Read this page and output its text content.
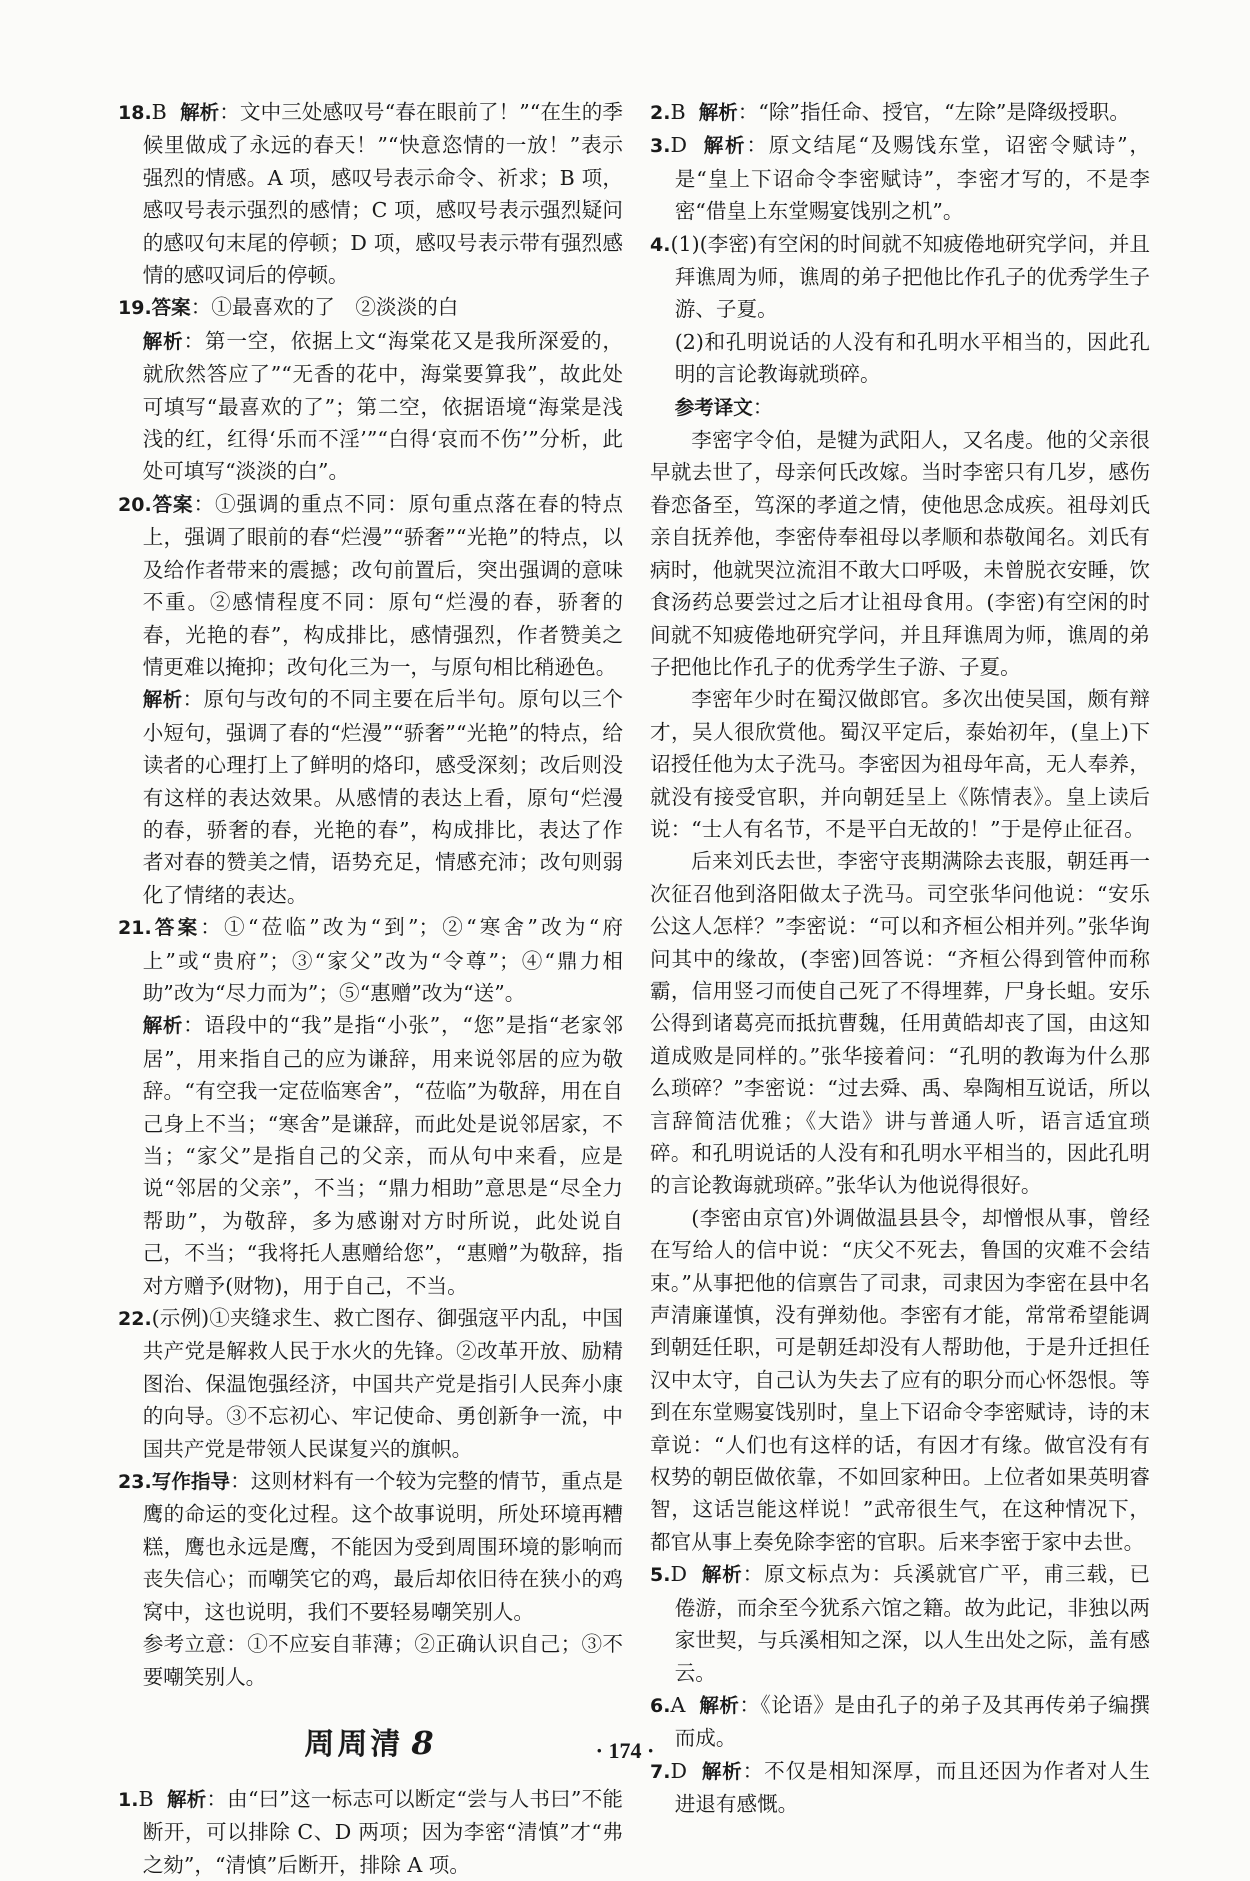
18.B 解析：文中三处感叹号“春在眼前了！”“在生的季候里做成了永远的春天！”“快意恣情的一放！”表示强烈的情感。A 项，感叹号表示命令、祈求；B 项，感叹号表示强烈的感情；C 项，感叹号表示强烈疑问的感叹句末尾的停顿；D 项，感叹号表示带有强烈感情的感叹词后的停顿。

19.答案：①最喜欢的了　②淡淡的白

解析：第一空，依据上文“海棠花又是我所深爱的，就欣然答应了”“无香的花中，海棠要算我”，故此处可填写“最喜欢的了”；第二空，依据语境“海棠是浅浅的红，红得‘乐而不淫’”“白得‘哀而不伤’”分析，此处可填写“淡淡的白”。

20.答案：①强调的重点不同：原句重点落在春的特点上，强调了眼前的春“烂漫”“骄奢”“光艳”的特点，以及给作者带来的震撼；改句前置后，突出强调的意味不重。②感情程度不同：原句“烂漫的春，骄奢的春，光艳的春”，构成排比，感情强烈，作者赞美之情更难以掩抑；改句化三为一，与原句相比稍逊色。

解析：原句与改句的不同主要在后半句。原句以三个小短句，强调了春的“烂漫”“骄奢”“光艳”的特点，给读者的心理打上了鲜明的烙印，感受深刻；改后则没有这样的表达效果。从感情的表达上看，原句“烂漫的春，骄奢的春，光艳的春”，构成排比，表达了作者对春的赞美之情，语势充足，情感充沛；改句则弱化了情绪的表达。

21.答案：①“莅临”改为“到”；②“寒舍”改为“府上”或“贵府”；③“家父”改为“令尊”；④“鼎力相助”改为“尽力而为”；⑤“惠赠”改为“送”。

解析：语段中的“我”是指“小张”，“您”是指“老家邻居”，用来指自己的应为谦辞，用来说邻居的应为敬辞。“有空我一定莅临寒舍”，“莅临”为敬辞，用在自己身上不当；“寒舍”是谦辞，而此处是说邻居家，不当；“家父”是指自己的父亲，而从句中来看，应是说“邻居的父亲”，不当；“鼎力相助”意思是“尽全力帮助”，为敬辞，多为感谢对方时所说，此处说自己，不当；“我将托人惠赠给您”，“惠赠”为敬辞，指对方赠予(财物)，用于自己，不当。

22.(示例)①夹缝求生、救亡图存、御强寇平内乱，中国共产党是解救人民于水火的先锋。②改革开放、励精图治、保温饱强经济，中国共产党是指引人民奔小康的向导。③不忘初心、牢记使命、勇创新争一流，中国共产党是带领人民谋复兴的旗帜。

23.写作指导：这则材料有一个较为完整的情节，重点是鹰的命运的变化过程。这个故事说明，所处环境再糟糕，鹰也永远是鹰，不能因为受到周围环境的影响而丧失信心；而嘲笑它的鸡，最后却依旧待在狭小的鸡窝中，这也说明，我们不要轻易嘲笑别人。

参考立意：①不应妄自菲薄；②正确认识自己；③不要嘲笑别人。

周周清 8

1.B 解析：由“曰”这一标志可以断定“尝与人书曰”不能断开，可以排除 C、D 两项；因为李密“清慎”才“弗之劾”，“清慎”后断开，排除 A 项。

2.B 解析：“除”指任命、授官，“左除”是降级授职。

3.D 解析：原文结尾“及赐饯东堂，诏密令赋诗”，是“皇上下诏命令李密赋诗”，李密才写的，不是李密“借皇上东堂赐宴饯别之机”。

4.(1)(李密)有空闲的时间就不知疲倦地研究学问，并且拜谯周为师，谯周的弟子把他比作孔子的优秀学生子游、子夏。

(2)和孔明说话的人没有和孔明水平相当的，因此孔明的言论教诲就琐碎。

参考译文：

李密字令伯，是犍为武阳人，又名虔。他的父亲很早就去世了，母亲何氏改嫁。当时李密只有几岁，感伤眷恋备至，笃深的孝道之情，使他思念成疾。祖母刘氏亲自抚养他，李密侍奉祖母以孝顺和恭敬闻名。刘氏有病时，他就哭泣流泪不敢大口呼吸，未曾脱衣安睡，饮食汤药总要尝过之后才让祖母食用。(李密)有空闲的时间就不知疲倦地研究学问，并且拜谯周为师，谯周的弟子把他比作孔子的优秀学生子游、子夏。

李密年少时在蜀汉做郎官。多次出使吴国，颇有辩才，吴人很欣赏他。蜀汉平定后，泰始初年，(皇上)下诏授任他为太子洗马。李密因为祖母年高，无人奉养，就没有接受官职，并向朝廷呈上《陈情表》。皇上读后说：“士人有名节，不是平白无故的！”于是停止征召。

后来刘氏去世，李密守丧期满除去丧服，朝廷再一次征召他到洛阳做太子洗马。司空张华问他说：“安乐公这人怎样？”李密说：“可以和齐桓公相并列。”张华询问其中的缘故，(李密)回答说：“齐桓公得到管仲而称霸，信用竖刁而使自己死了不得埋葬，尸身长蛆。安乐公得到诸葛亮而抵抗曹魏，任用黄皓却丧了国，由这知道成败是同样的。”张华接着问：“孔明的教诲为什么那么琐碎？”李密说：“过去舜、禹、皋陶相互说话，所以言辞简洁优雅；《大诰》讲与普通人听，语言适宜琐碎。和孔明说话的人没有和孔明水平相当的，因此孔明的言论教诲就琐碎。”张华认为他说得很好。

(李密由京官)外调做温县县令，却憎恨从事，曾经在写给人的信中说：“庆父不死去，鲁国的灾难不会结束。”从事把他的信禀告了司隶，司隶因为李密在县中名声清廉谨慎，没有弹劾他。李密有才能，常常希望能调到朝廷任职，可是朝廷却没有人帮助他，于是升迁担任汉中太守，自己认为失去了应有的职分而心怀怨恨。等到在东堂赐宴饯别时，皇上下诏命令李密赋诗，诗的末章说：“人们也有这样的话，有因才有缘。做官没有有权势的朝臣做依靠，不如回家种田。上位者如果英明睿智，这话岂能这样说！”武帝很生气，在这种情况下，都官从事上奏免除李密的官职。后来李密于家中去世。

5.D 解析：原文标点为：兵溪就官广平，甫三载，已倦游，而余至今犹系六馆之籍。故为此记，非独以两家世契，与兵溪相知之深，以人生出处之际，盖有感云。

6.A 解析：《论语》是由孔子的弟子及其再传弟子编撰而成。

7.D 解析：不仅是相知深厚，而且还因为作者对人生进退有感慨。

· 174 ·
